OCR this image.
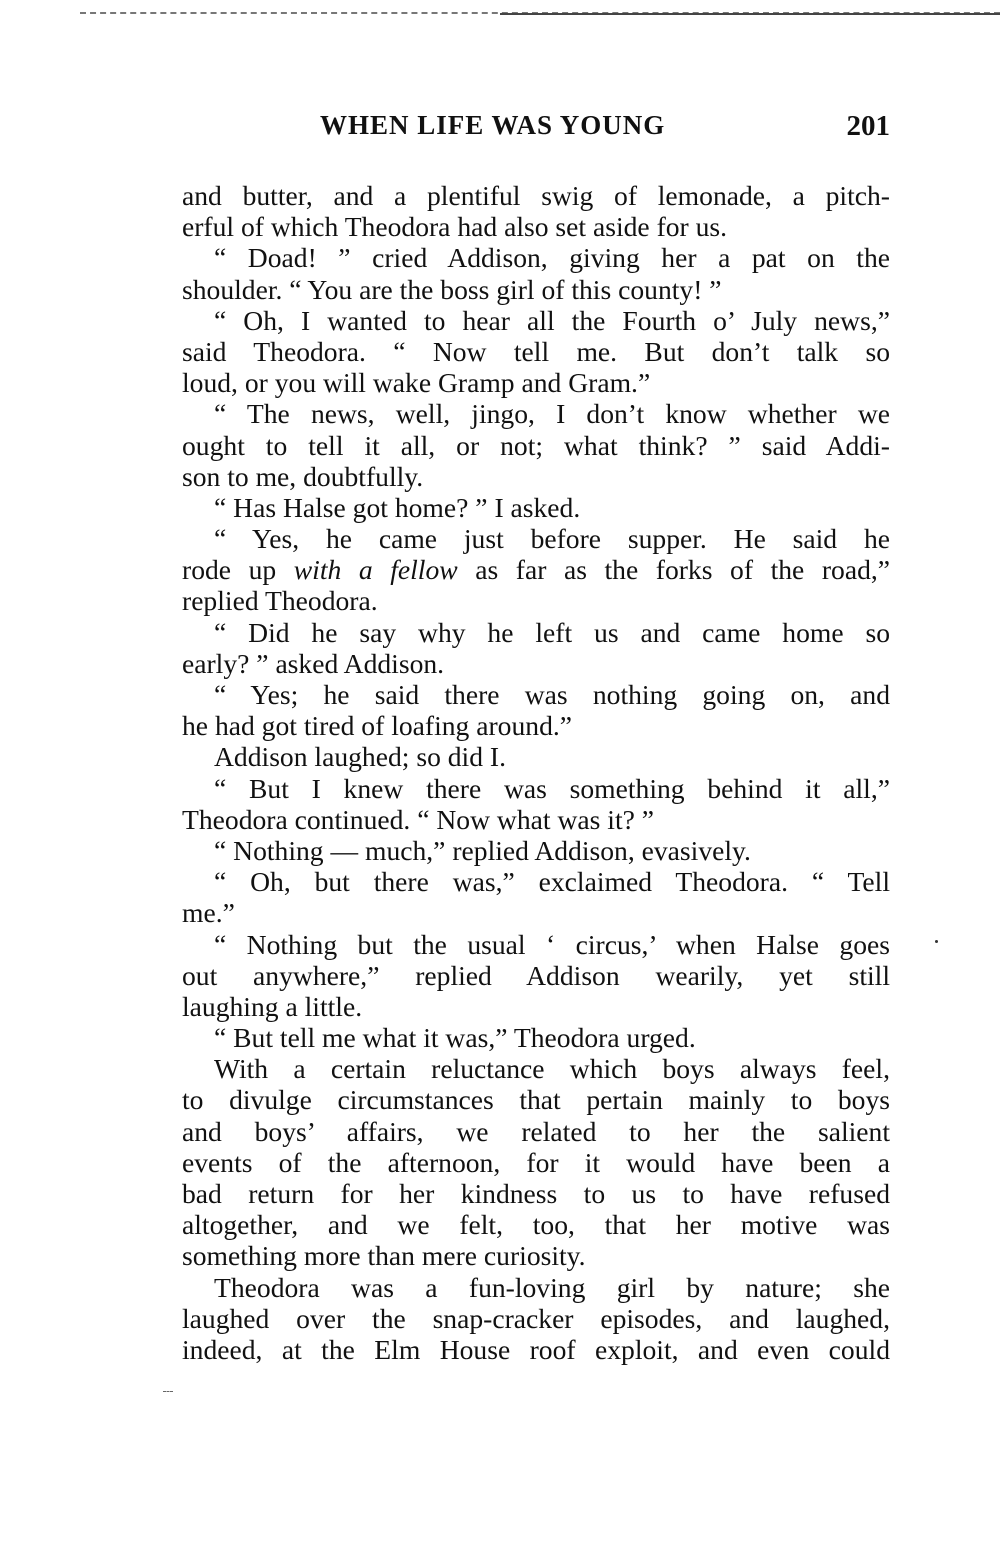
WHEN LIFE WAS YOUNG	201
and butter, and a plentiful swig of lemonade, a pitch-
erful of which Theodora had also set aside for us.
“ Doad! ” cried Addison, giving her a pat on the
shoulder. “ You are the boss girl of this county! ”
“ Oh, I wanted to hear all the Fourth o’ July news,”
said Theodora. “ Now tell me. But don’t talk so
loud, or you will wake Gramp and Gram.”
“ The news, well, jingo, I don’t know whether we
ought to tell it all, or not; what think? ” said Addi-
son to me, doubtfully.
“ Has Halse got home? ” I asked.
“ Yes, he came just before supper. He said he
rode up with a fellow as far as the forks of the road,”
replied Theodora.
“ Did he say why he left us and came home so
early? ” asked Addison.
“ Yes; he said there was nothing going on, and
he had got tired of loafing around.”
Addison laughed; so did I.
“ But I knew there was something behind it all,”
Theodora continued. “ Now what was it? ”
“ Nothing — much,” replied Addison, evasively.
“ Oh, but there was,” exclaimed Theodora. “ Tell
me.”
“ Nothing but the usual ‘ circus,’ when Halse goes
out anywhere,” replied Addison wearily, yet still
laughing a little.
“ But tell me what it was,” Theodora urged.
With a certain reluctance which boys always feel,
to divulge circumstances that pertain mainly to boys
and boys’ affairs, we related to her the salient
events of the afternoon, for it would have been a
bad return for her kindness to us to have refused
altogether, and we felt, too, that her motive was
something more than mere curiosity.
Theodora was a fun-loving girl by nature; she
laughed over the snap-cracker episodes, and laughed,
indeed, at the Elm House roof exploit, and even could
